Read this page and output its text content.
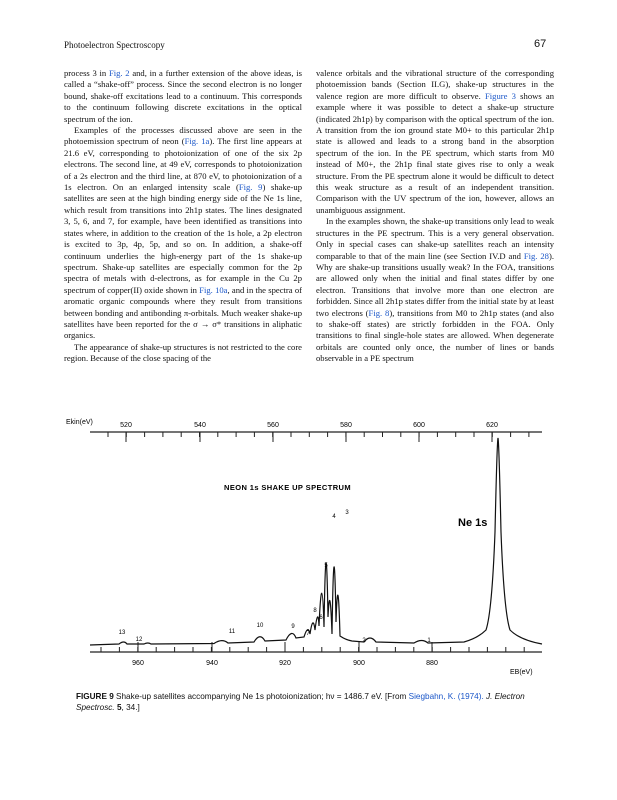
Photoelectron Spectroscopy	67

process 3 in Fig. 2 and, in a further extension of the above ideas, is called a “shake-off” process. Since the second electron is no longer bound, shake-off excitations lead to a continuum. This corresponds to the continuum following discrete excitations in the optical spectrum of the ion.

Examples of the processes discussed above are seen in the photoemission spectrum of neon (Fig. 1a). The first line appears at 21.6 eV, corresponding to photoionization of one of the six 2p electrons. The second line, at 49 eV, corresponds to photoionization of a 2s electron and the third line, at 870 eV, to photoionization of a 1s electron. On an enlarged intensity scale (Fig. 9) shake-up satellites are seen at the high binding energy side of the Ne 1s line, which result from transitions into 2h1p states. The lines designated 3, 5, 6, and 7, for example, have been identified as transitions into states where, in addition to the creation of the 1s hole, a 2p electron is excited to 3p, 4p, 5p, and so on. In addition, a shake-off continuum underlies the high-energy part of the 1s shake-up spectrum. Shake-up satellites are especially common for the 2p spectra of metals with d-electrons, as for example in the Cu 2p spectrum of copper(II) oxide shown in Fig. 10a, and in the spectra of aromatic organic compounds where they result from transitions between bonding and antibonding π-orbitals. Much weaker shake-up satellites have been reported for the σ → σ* transitions in aliphatic organics.

The appearance of shake-up structures is not restricted to the core region. Because of the close spacing of the

valence orbitals and the vibrational structure of the corresponding photoemission bands (Section II.G), shake-up structures in the valence region are more difficult to observe. Figure 3 shows an example where it was possible to detect a shake-up structure (indicated 2h1p) by comparison with the optical spectrum of the ion. A transition from the ion ground state M0+ to this particular 2h1p state is allowed and leads to a strong band in the absorption spectrum of the ion. In the PE spectrum, which starts from M0 instead of M0+, the 2h1p final state gives rise to only a weak structure. From the PE spectrum alone it would be difficult to detect this weak structure as a result of an independent transition. Comparison with the UV spectrum of the ion, however, allows an unambiguous assignment.

In the examples shown, the shake-up transitions only lead to weak structures in the PE spectrum. This is a very general observation. Only in special cases can shake-up satellites reach an intensity comparable to that of the main line (see Section IV.D and Fig. 28). Why are shake-up transitions usually weak? In the FOA, transitions are allowed only when the initial and final states differ by one electron. Transitions that involve more than one electron are forbidden. Since all 2h1p states differ from the initial state by at least two electrons (Fig. 8), transitions from M0 to 2h1p states (and also to shake-off states) are strictly forbidden in the FOA. Only transitions to final single-hole states are allowed. When degenerate orbitals are counted only once, the number of lines or bands observable in a PE spectrum

520	540	560	580	600	620
Ekin(eV)
960	940	920	900	880
EB(eV)
NEON 1s SHAKE UP SPECTRUM
Ne 1s
13
12
11
10	9
7
8
6
5
4
3
2	1
FIGURE 9 Shake-up satellites accompanying Ne 1s photoionization; hν = 1486.7 eV. [From Siegbahn, K. (1974). J. Electron Spectrosc. 5, 34.]
